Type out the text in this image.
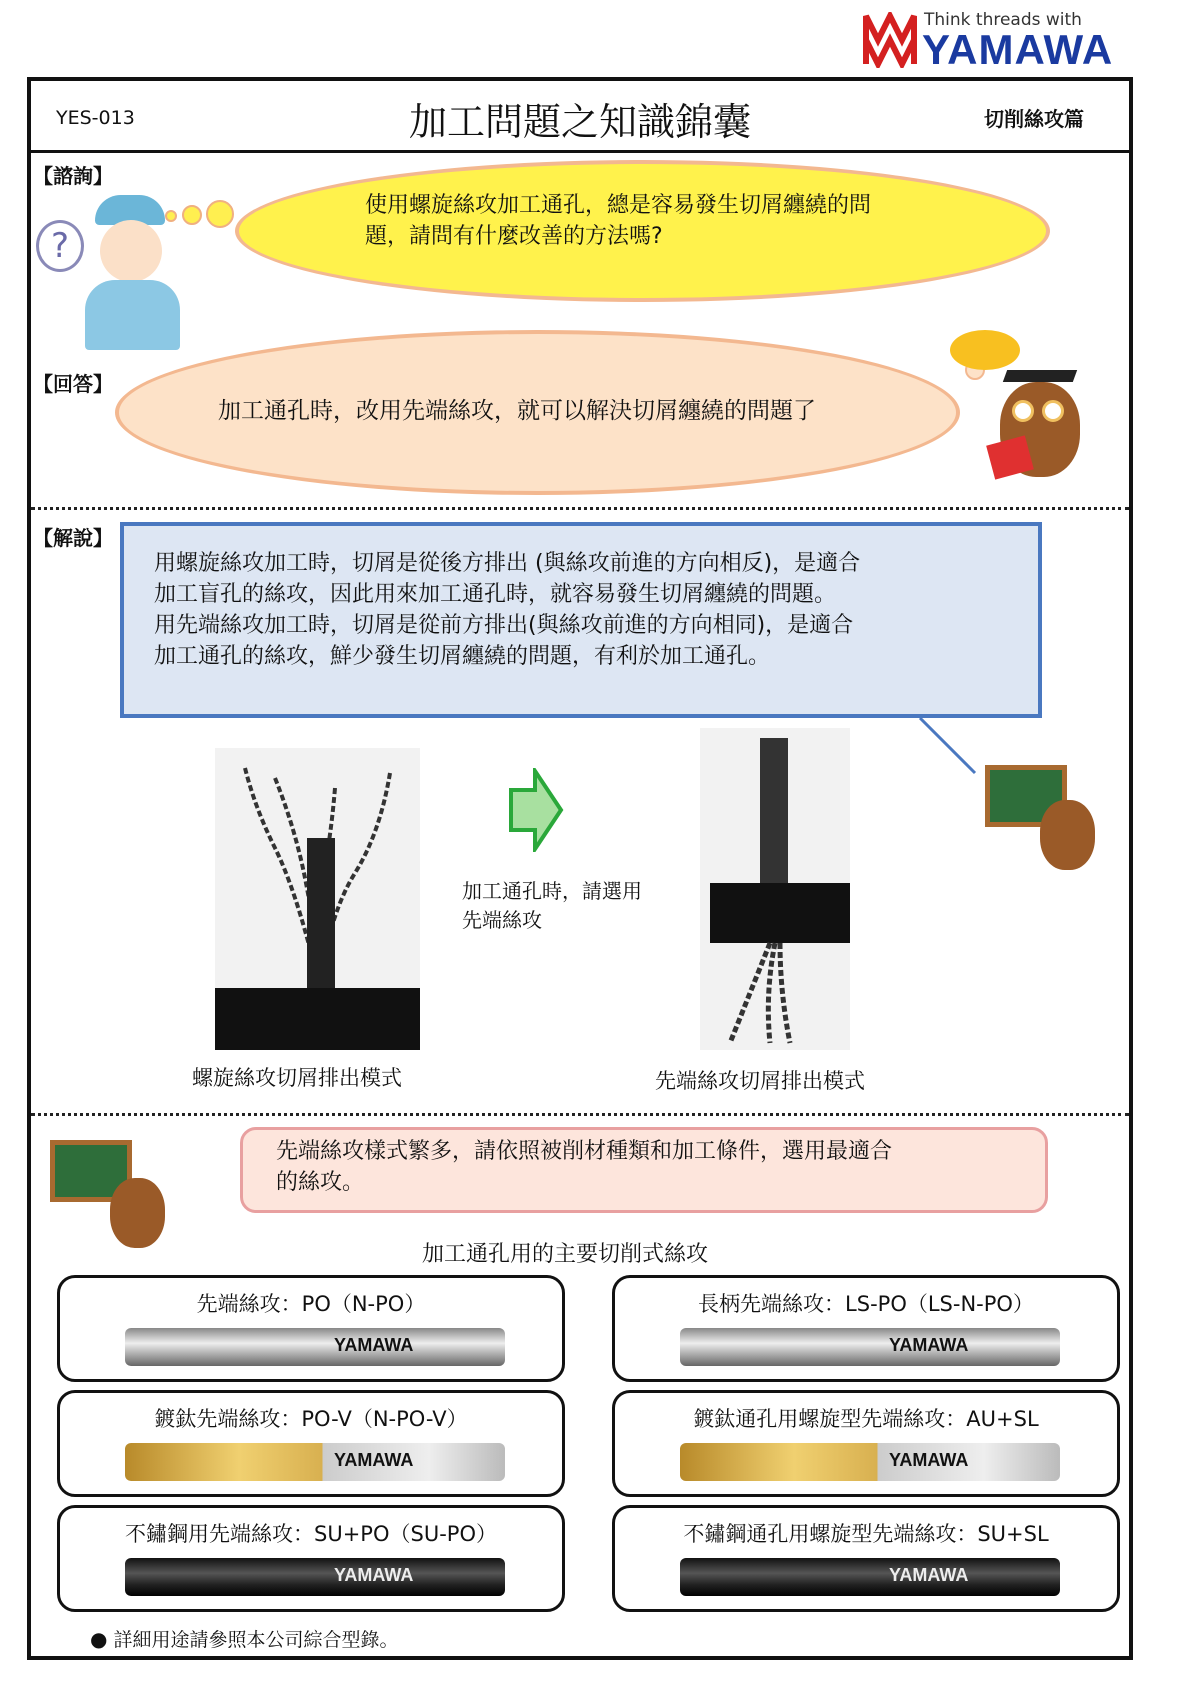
Think threads with
YAMAWA
YES-013	加工問題之知識錦囊	切削絲攻篇
【諮詢】
?
使用螺旋絲攻加工通孔，總是容易發生切屑纏繞的問
題，請問有什麼改善的方法嗎?
【回答】
加工通孔時，改用先端絲攻，就可以解決切屑纏繞的問題了
【解說】
用螺旋絲攻加工時，切屑是從後方排出 (與絲攻前進的方向相反)，是適合
加工盲孔的絲攻，因此用來加工通孔時，就容易發生切屑纏繞的問題。
用先端絲攻加工時，切屑是從前方排出(與絲攻前進的方向相同)，是適合
加工通孔的絲攻，鮮少發生切屑纏繞的問題，有利於加工通孔。
加工通孔時，請選用
先端絲攻
螺旋絲攻切屑排出模式	先端絲攻切屑排出模式
先端絲攻樣式繁多，請依照被削材種類和加工條件，選用最適合
的絲攻。
加工通孔用的主要切削式絲攻
先端絲攻：PO（N-PO）
YAMAWA
長柄先端絲攻：LS-PO（LS-N-PO）
YAMAWA
鍍鈦先端絲攻：PO-V（N-PO-V）
YAMAWA
鍍鈦通孔用螺旋型先端絲攻：AU+SL
YAMAWA
不鏽鋼用先端絲攻：SU+PO（SU-PO）
YAMAWA
不鏽鋼通孔用螺旋型先端絲攻：SU+SL
YAMAWA
● 詳細用途請參照本公司綜合型錄。
